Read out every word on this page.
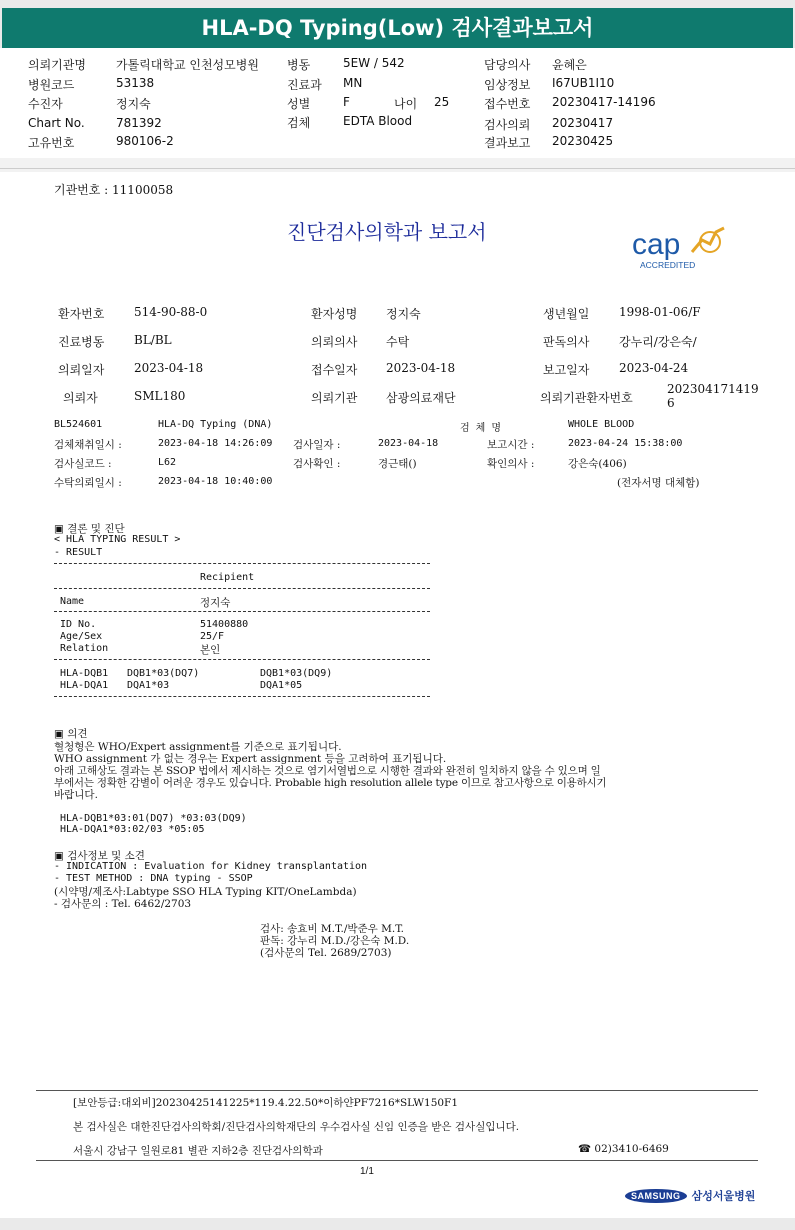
HLA-DQ Typing(Low) 검사결과보고서
의뢰기관명	가톨릭대학교 인천성모병원 병동	5EW / 542	담당의사 윤혜은
병원코드	53138	진료과 MN	임상정보 I67UB1I10
수진자	정지숙	성별	F	나이 25	접수번호 20230417-14196
Chart No.	781392	검체	EDTA Blood	검사의뢰 20230417
고유번호	980106-2	결과보고 20230425
기관번호 : 11100058
진단검사의학과 보고서	cap
ACCREDITED
환자번호 514-90-88-0	환자성명 정지숙	생년월일 1998-01-06/F
진료병동 BL/BL	의뢰의사 수탁	판독의사 강누리/강은숙/
의뢰일자 2023-04-18	접수일자 2023-04-18	보고일자 2023-04-24
의뢰자	SML180	의뢰기관 삼광의료재단	의뢰기관환자번호
202304171419
6
BL524601	HLA-DQ Typing (DNA)	검 체 명	WHOLE BLOOD
검체채취일시 :	2023-04-18 14:26:09 검사일자 :	2023-04-18	보고시간 :	2023-04-24 15:38:00
검사실코드 :	L62	검사확인 :	경근태()	확인의사 :	강은숙(406)
수탁의뢰일시 :	2023-04-18 10:40:00	(전자서명 대체함)
▣ 결론 및 진단
< HLA TYPING RESULT >
- RESULT
Recipient
Name	정지숙
ID No.	51400880
Age/Sex	25/F
Relation	본인
HLA-DQB1 DQB1*03(DQ7)	DQB1*03(DQ9)
HLA-DQA1 DQA1*03	DQA1*05
▣ 의견
혈청형은 WHO/Expert assignment를 기준으로 표기됩니다.
WHO assignment 가 없는 경우는 Expert assignment 등을 고려하여 표기됩니다.
아래 고해상도 결과는 본 SSOP 법에서 제시하는 것으로 염기서열법으로 시행한 결과와 완전히 일치하지 않을 수 있으며 일
부에서는 정확한 감별이 어려운 경우도 있습니다. Probable high resolution allele type 이므로 참고사항으로 이용하시기
바랍니다.
HLA-DQB1*03:01(DQ7) *03:03(DQ9)
HLA-DQA1*03:02/03 *05:05
▣ 검사정보 및 소견
- INDICATION : Evaluation for Kidney transplantation
- TEST METHOD : DNA typing - SSOP
(시약명/제조사:Labtype SSO HLA Typing KIT/OneLambda)
- 검사문의 : Tel. 6462/2703
검사: 송효비 M.T./박준우 M.T.
판독: 강누리 M.D./강은숙 M.D.
(검사문의 Tel. 2689/2703)
[보안등급:대외비]20230425141225*119.4.22.50*이하얀PF7216*SLW150F1
본 검사실은 대한진단검사의학회/진단검사의학재단의 우수검사실 신임 인증을 받은 검사실입니다.
서울시 강남구 일원로81 별관 지하2층 진단검사의학과	☎ 02)3410-6469
1/1
SAMSUNG 삼성서울병원
